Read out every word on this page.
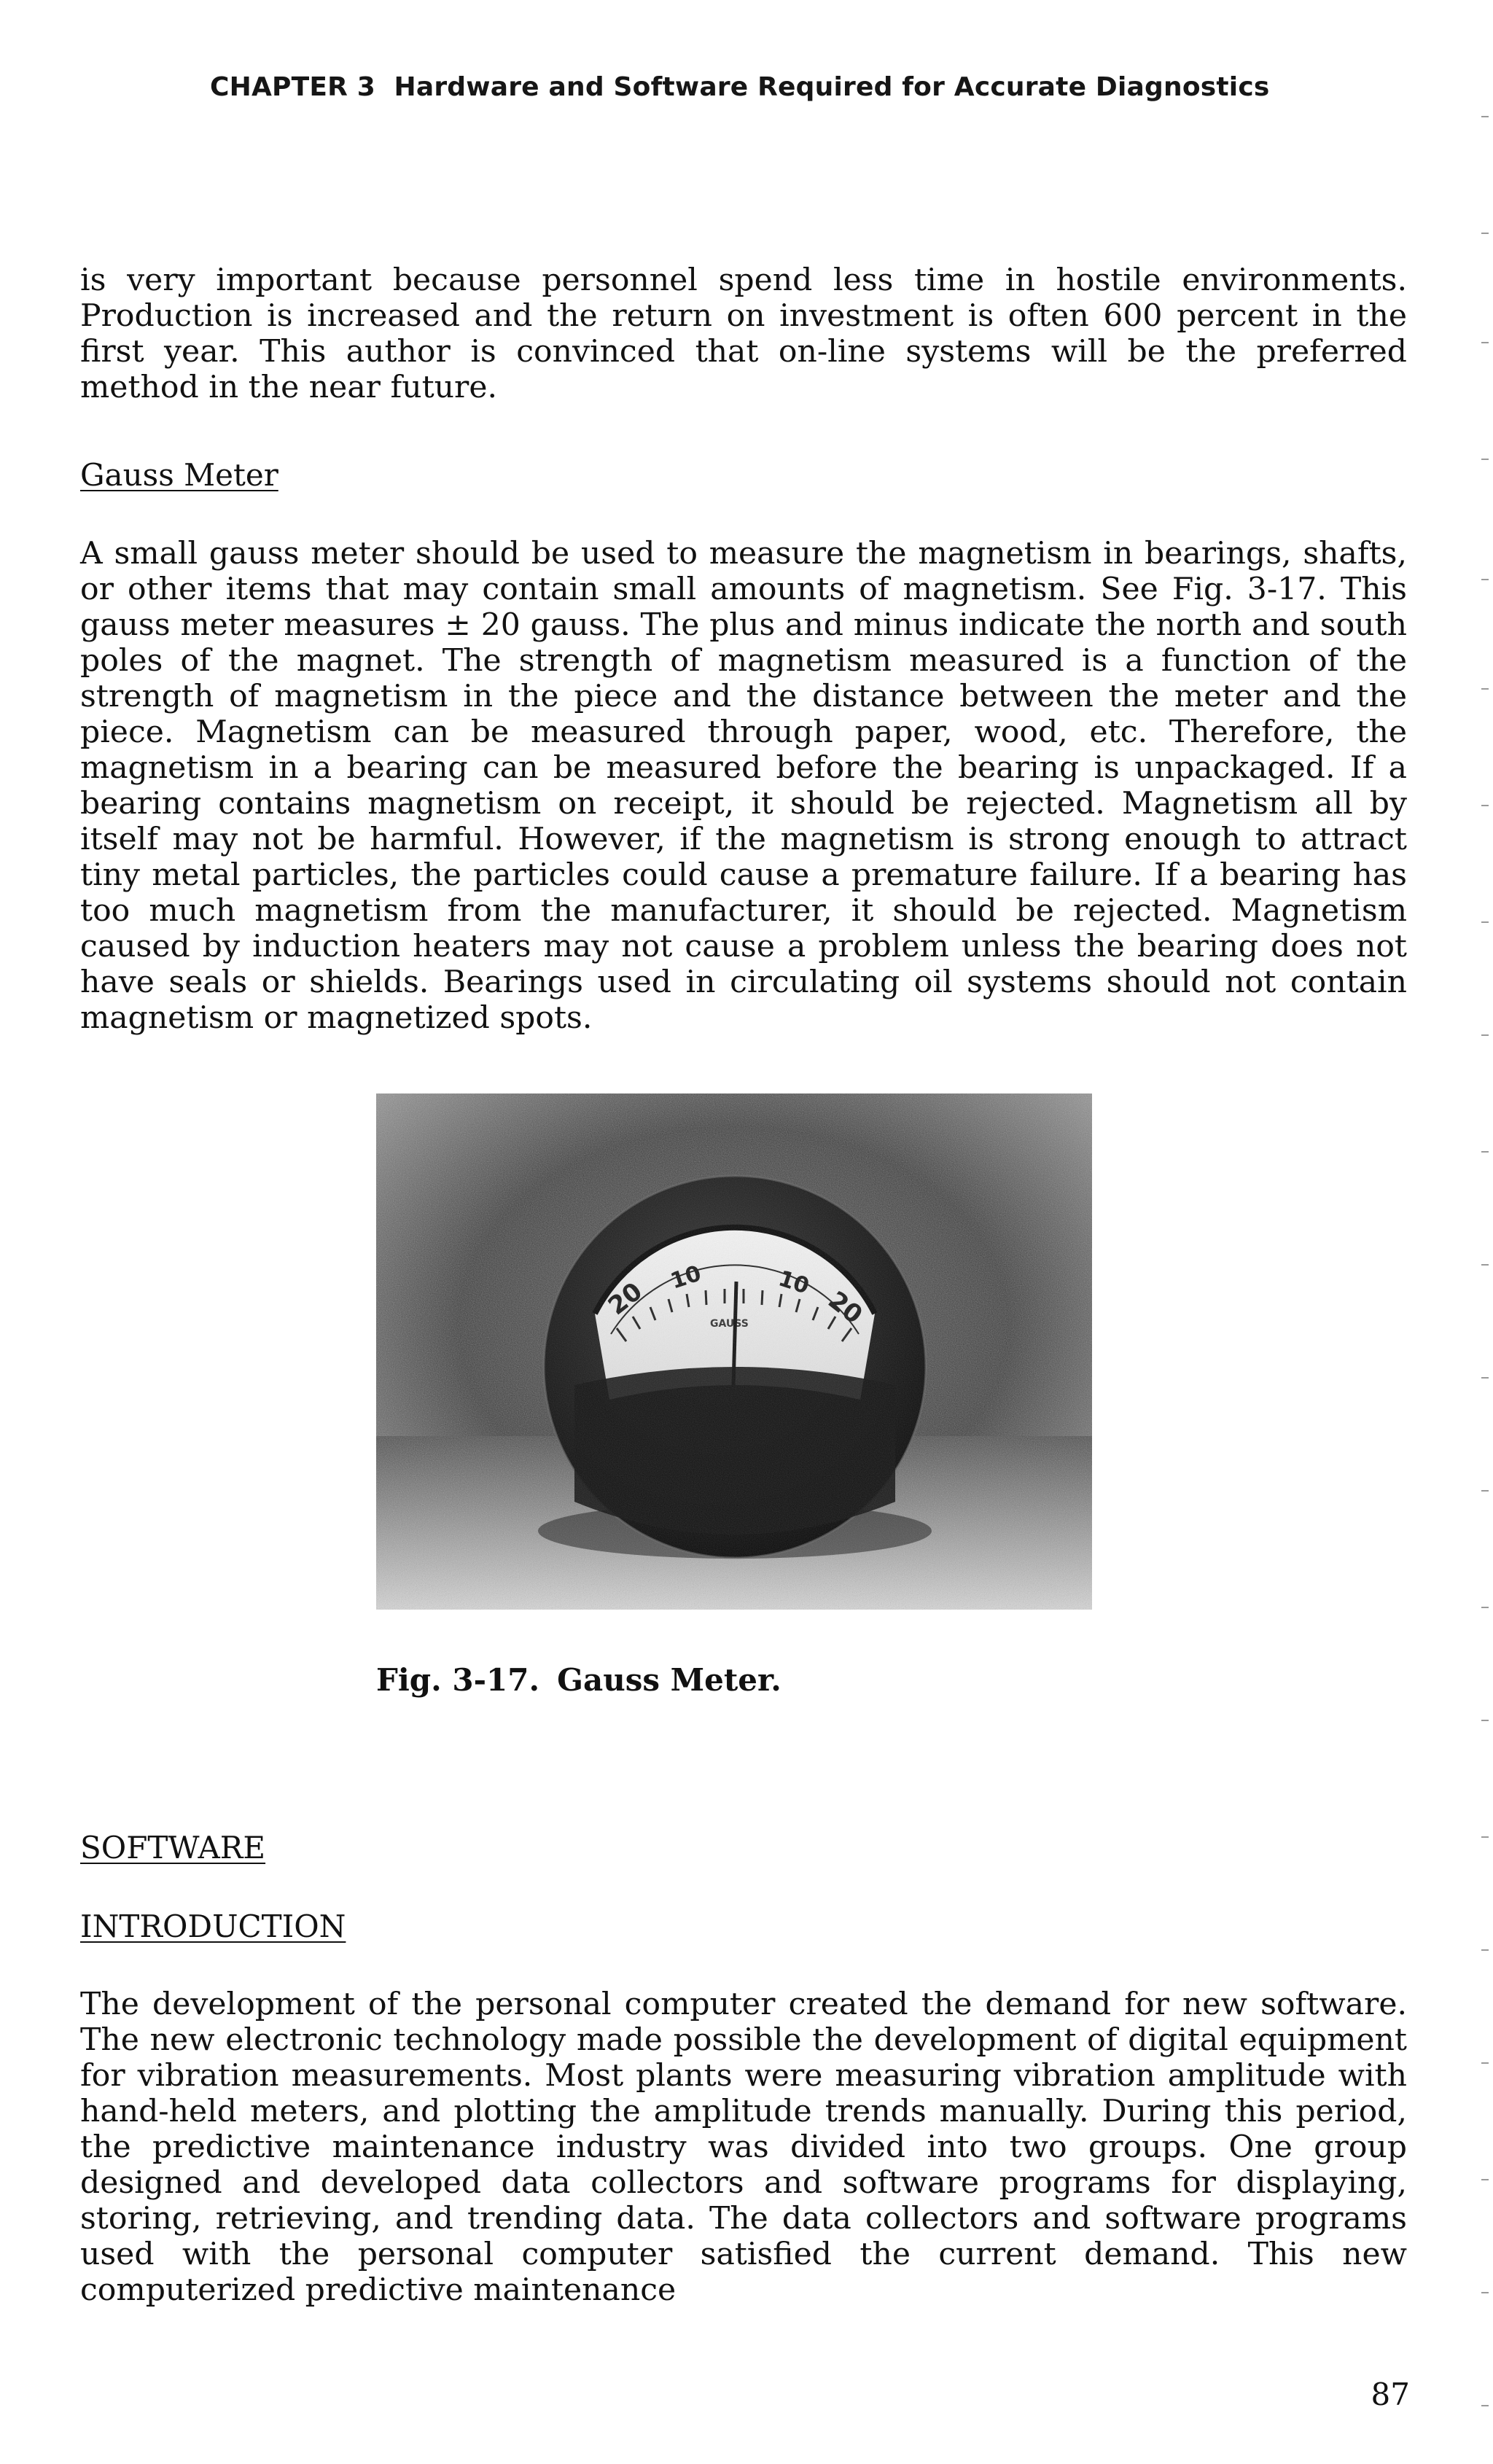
CHAPTER 3 Hardware and Software Required for Accurate Diagnostics

is very important because personnel spend less time in hostile environments. Production is increased and the return on investment is often 600 percent in the first year. This author is convinced that on-line systems will be the preferred method in the near future.

Gauss Meter

A small gauss meter should be used to measure the magnetism in bearings, shafts, or other items that may contain small amounts of magnetism. See Fig. 3-17. This gauss meter measures ± 20 gauss. The plus and minus indicate the north and south poles of the magnet. The strength of magnetism measured is a function of the strength of magnetism in the piece and the distance between the meter and the piece. Magnetism can be measured through paper, wood, etc. Therefore, the magnetism in a bearing can be measured before the bearing is unpackaged. If a bearing contains magnetism on receipt, it should be rejected. Magnetism all by itself may not be harmful. However, if the magnetism is strong enough to attract tiny metal particles, the particles could cause a premature failure. If a bearing has too much magnetism from the manufacturer, it should be rejected. Magnetism caused by induction heaters may not cause a problem unless the bearing does not have seals or shields. Bearings used in circulating oil systems should not contain magnetism or magnetized spots.

Fig. 3-17. Gauss Meter.
SOFTWARE
INTRODUCTION

The development of the personal computer created the demand for new software. The new electronic technology made possible the development of digital equipment for vibration measurements. Most plants were measuring vibration amplitude with hand-held meters, and plotting the amplitude trends manually. During this period, the predictive maintenance industry was divided into two groups. One group designed and developed data collectors and software programs for displaying, storing, retrieving, and trending data. The data collectors and software programs used with the personal computer satisfied the current demand. This new computerized predictive maintenance

87
